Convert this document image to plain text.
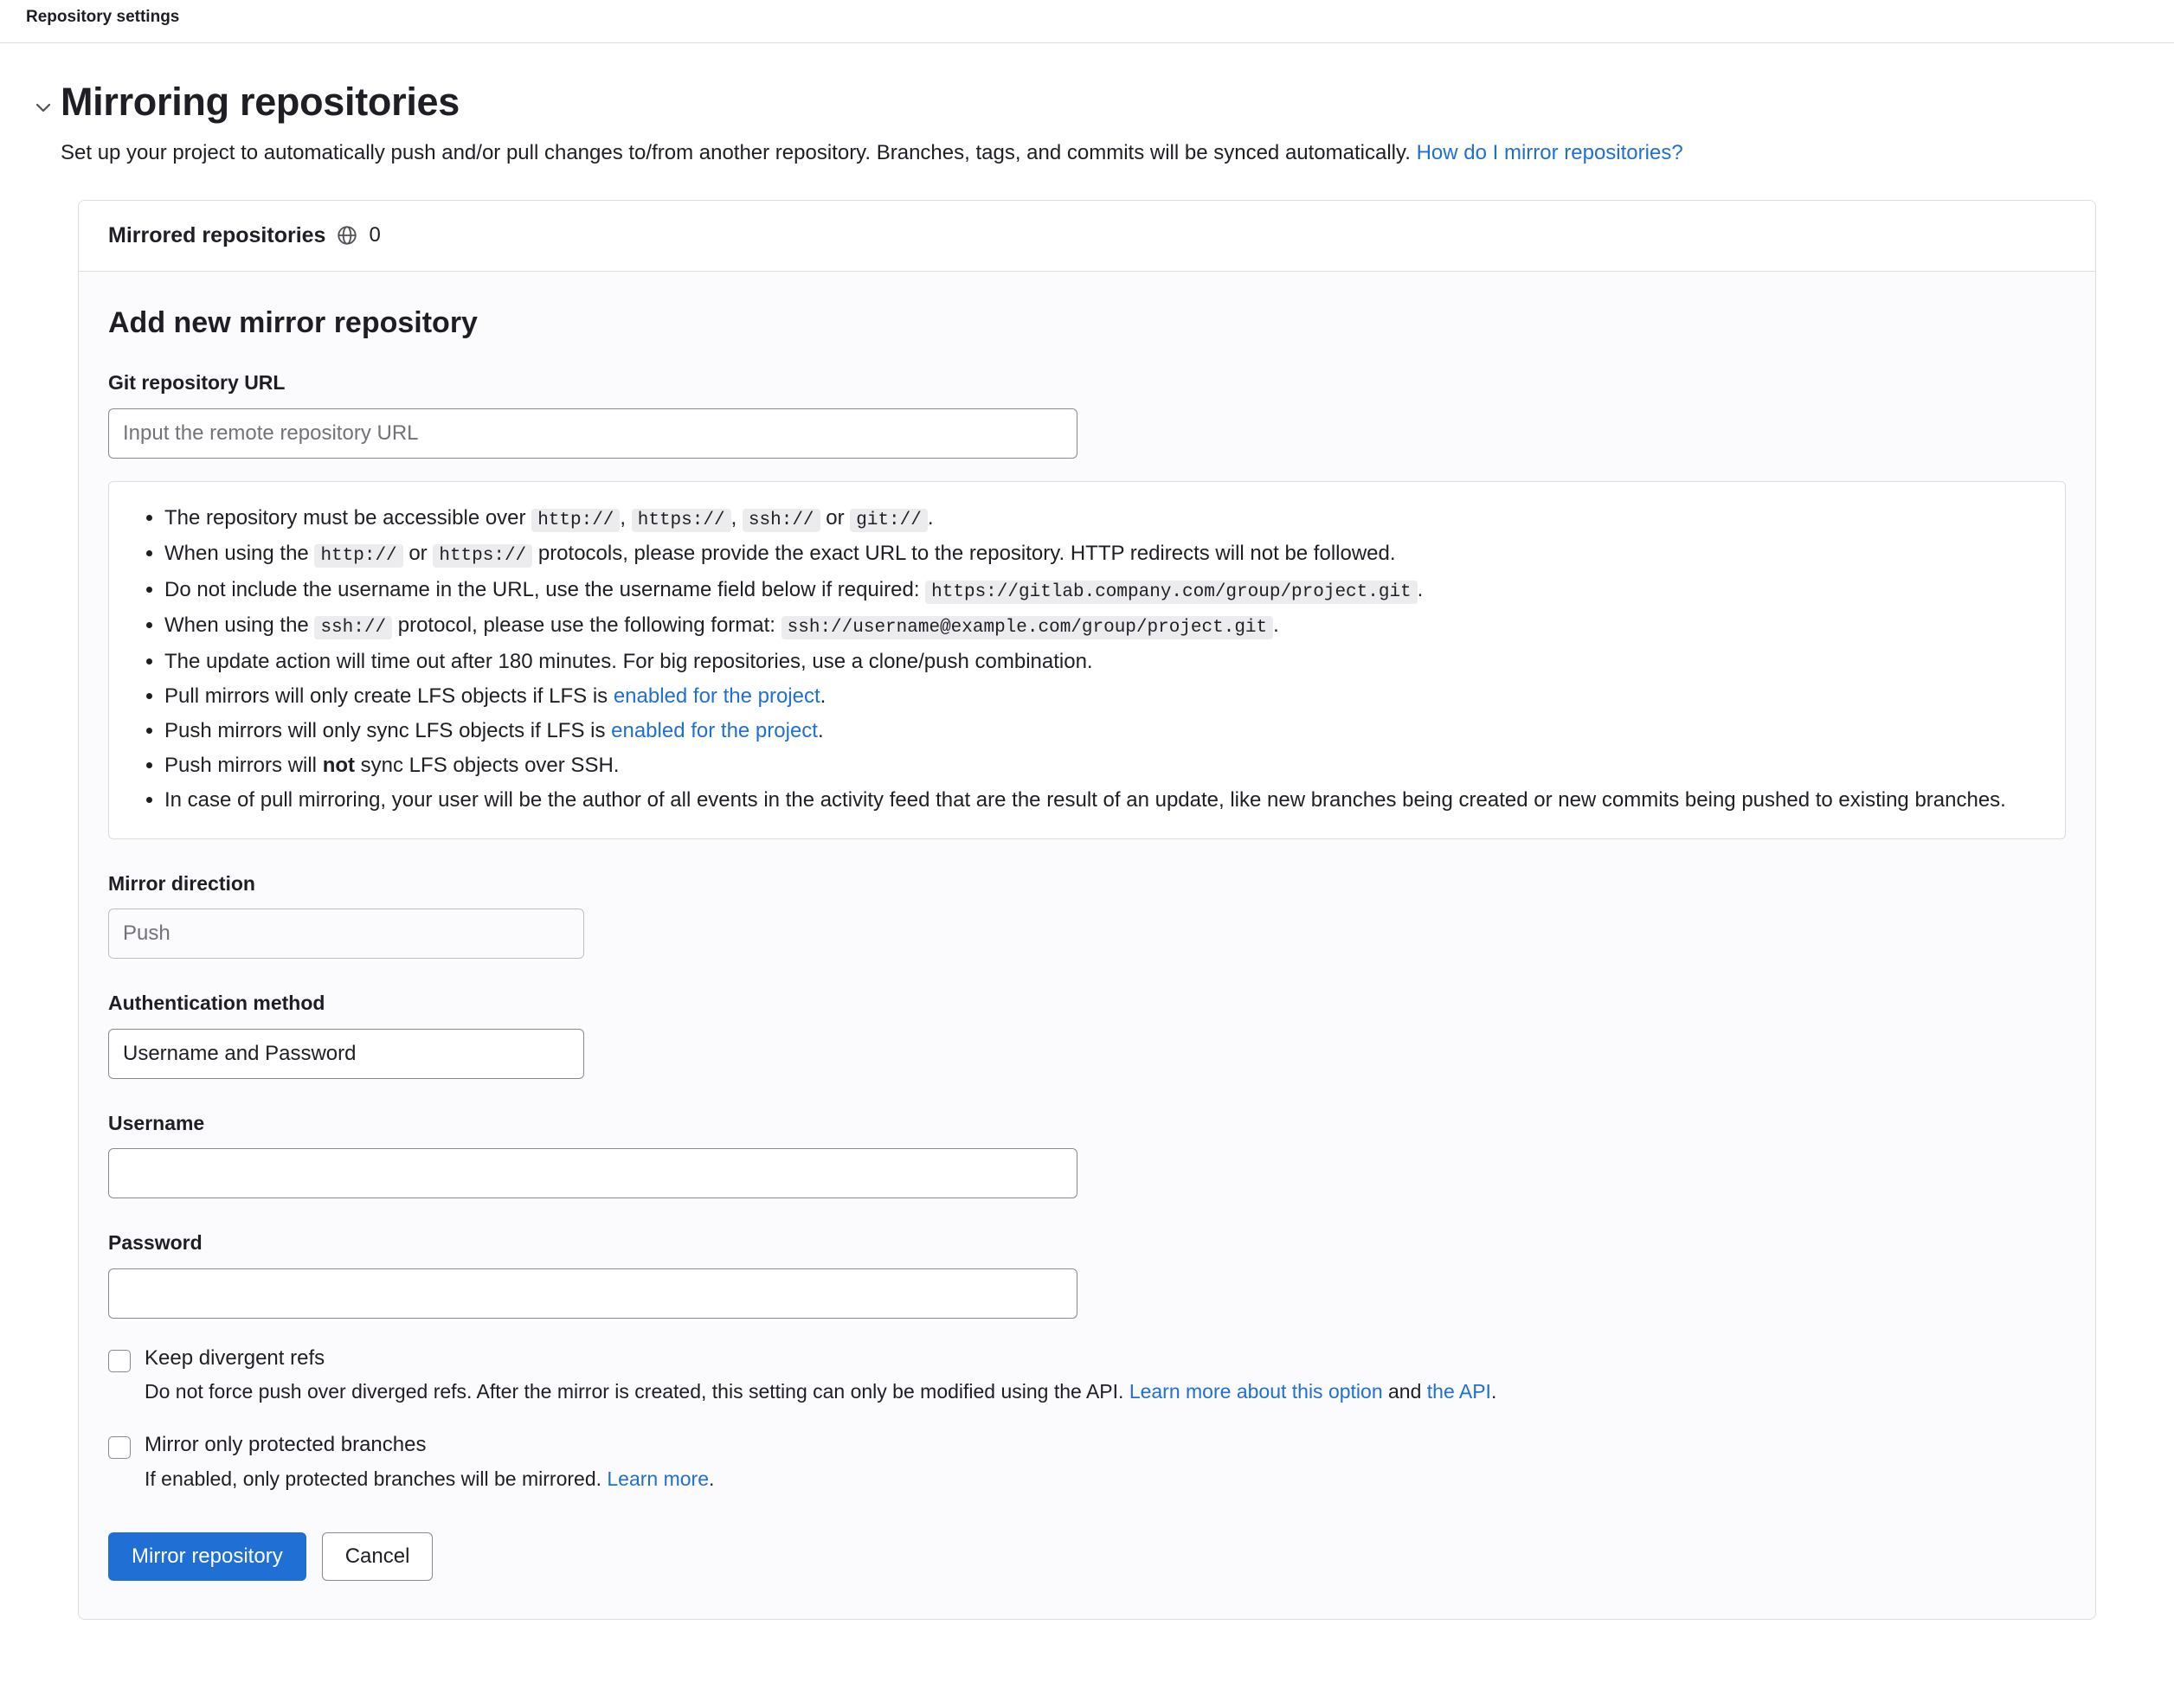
Repository settings
Mirroring repositories

Set up your project to automatically push and/or pull changes to/from another repository. Branches, tags, and commits will be synced automatically. How do I mirror repositories?

Mirrored repositories 0
Add new mirror repository
Git repository URL
Input the remote repository URL
• The repository must be accessible over http:// , https:// , ssh:// or git:// .
• When using the http:// or https:// protocols, please provide the exact URL to the repository. HTTP redirects will not be followed.
• Do not include the username in the URL, use the username field below if required: https://gitlab.company.com/group/project.git .
• When using the ssh:// protocol, please use the following format: ssh://username@example.com/group/project.git .
• The update action will time out after 180 minutes. For big repositories, use a clone/push combination.
• Pull mirrors will only create LFS objects if LFS is enabled for the project.
• Push mirrors will only sync LFS objects if LFS is enabled for the project.
• Push mirrors will not sync LFS objects over SSH.
• In case of pull mirroring, your user will be the author of all events in the activity feed that are the result of an update, like new branches being created or new commits being pushed to existing branches.
Mirror direction
Push
Authentication method
Username and Password
Username
Password
Keep divergent refs
Do not force push over diverged refs. After the mirror is created, this setting can only be modified using the API. Learn more about this option and the API.
Mirror only protected branches
If enabled, only protected branches will be mirrored. Learn more.
Mirror repository	Cancel
